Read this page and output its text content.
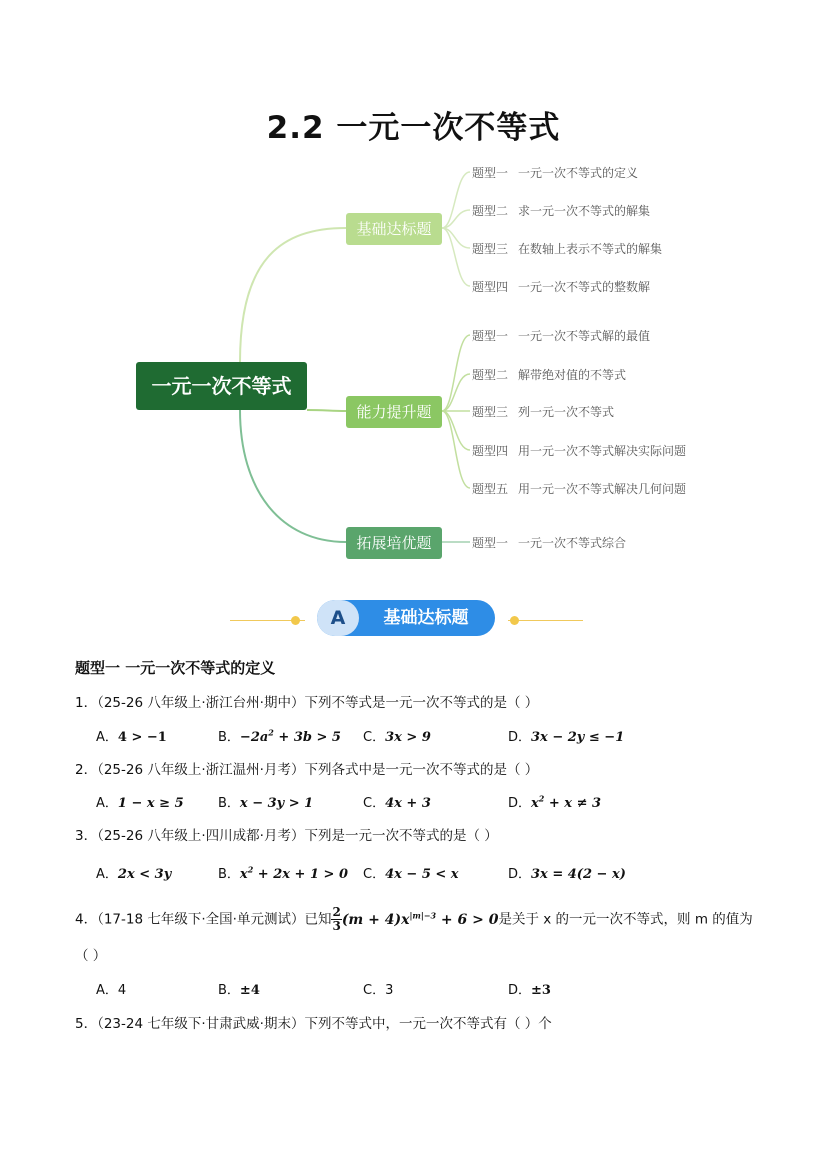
2.2 一元一次不等式
一元一次不等式
基础达标题
能力提升题
拓展培优题
题型一 一元一次不等式的定义
题型二 求一元一次不等式的解集
题型三 在数轴上表示不等式的解集
题型四 一元一次不等式的整数解
题型一 一元一次不等式解的最值
题型二 解带绝对值的不等式
题型三 列一元一次不等式
题型四 用一元一次不等式解决实际问题
题型五 用一元一次不等式解决几何问题
题型一 一元一次不等式综合
A	基础达标题
题型一 一元一次不等式的定义
1．（25-26 八年级上·浙江台州·期中）下列不等式是一元一次不等式的是（ ）
A．4 > −1	B．$-2a^2 + 3b > 5$ C．3x > 9	D．3x − 2y ≤ −1
2．（25-26 八年级上·浙江温州·月考）下列各式中是一元一次不等式的是（ ）
A．1 − x ≥ 5	B．x − 3y > 1	C．4x + 3	D．$x^2 + x \ne 3$
3．（25-26 八年级上·四川成都·月考）下列是一元一次不等式的是（ ）
A．2x < 3y	B．$x^2 + 2x + 1 > 0$ C．4x − 5 < x	D．3x = 4(2 − x)
4．（17-18 七年级下·全国·单元测试）已知 $\frac{2}{3} (m + 4)x^{|m|-3} + 6 > 0$是关于 x 的一元一次不等式，则 m 的值为
（ ）
A．4	B．±4	C．3	D．±3
5．（23-24 七年级下·甘肃武威·期末）下列不等式中，一元一次不等式有（ ）个
